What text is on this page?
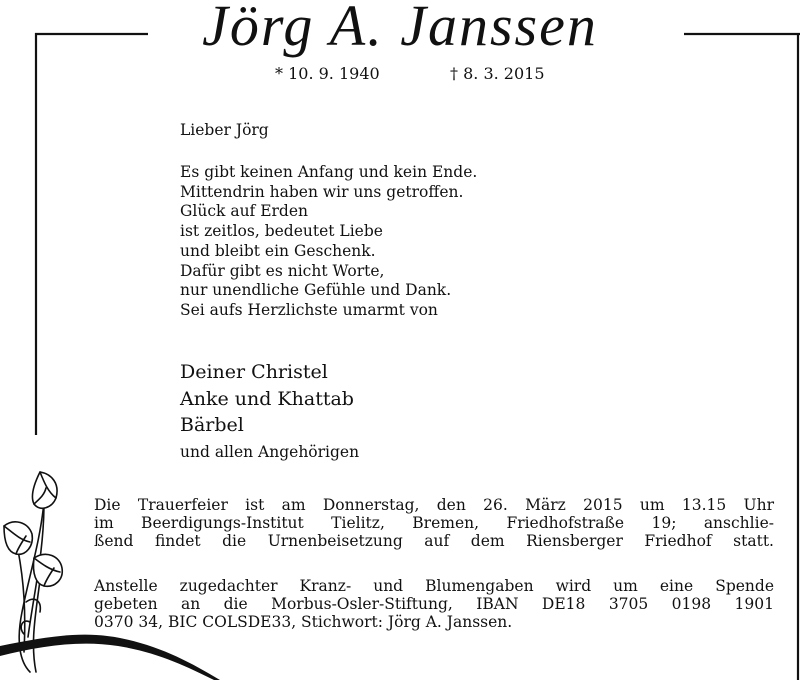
Jörg A. Janssen
* 10. 9. 1940	† 8. 3. 2015
Lieber Jörg
Es gibt keinen Anfang und kein Ende.
Mittendrin haben wir uns getroffen.
Glück auf Erden
ist zeitlos, bedeutet Liebe
und bleibt ein Geschenk.
Dafür gibt es nicht Worte,
nur unendliche Gefühle und Dank.
Sei aufs Herzlichste umarmt von
Deiner Christel
Anke und Khattab
Bärbel
und allen Angehörigen
Die Trauerfeier ist am Donnerstag, den 26. März 2015 um 13.15 Uhr
im Beerdigungs-Institut Tielitz, Bremen, Friedhofstraße 19; anschlie-
ßend findet die Urnenbeisetzung auf dem Riensberger Friedhof statt.
Anstelle zugedachter Kranz- und Blumengaben wird um eine Spende
gebeten an die Morbus-Osler-Stiftung, IBAN DE18 3705 0198 1901
0370 34, BIC COLSDE33, Stichwort: Jörg A. Janssen.
